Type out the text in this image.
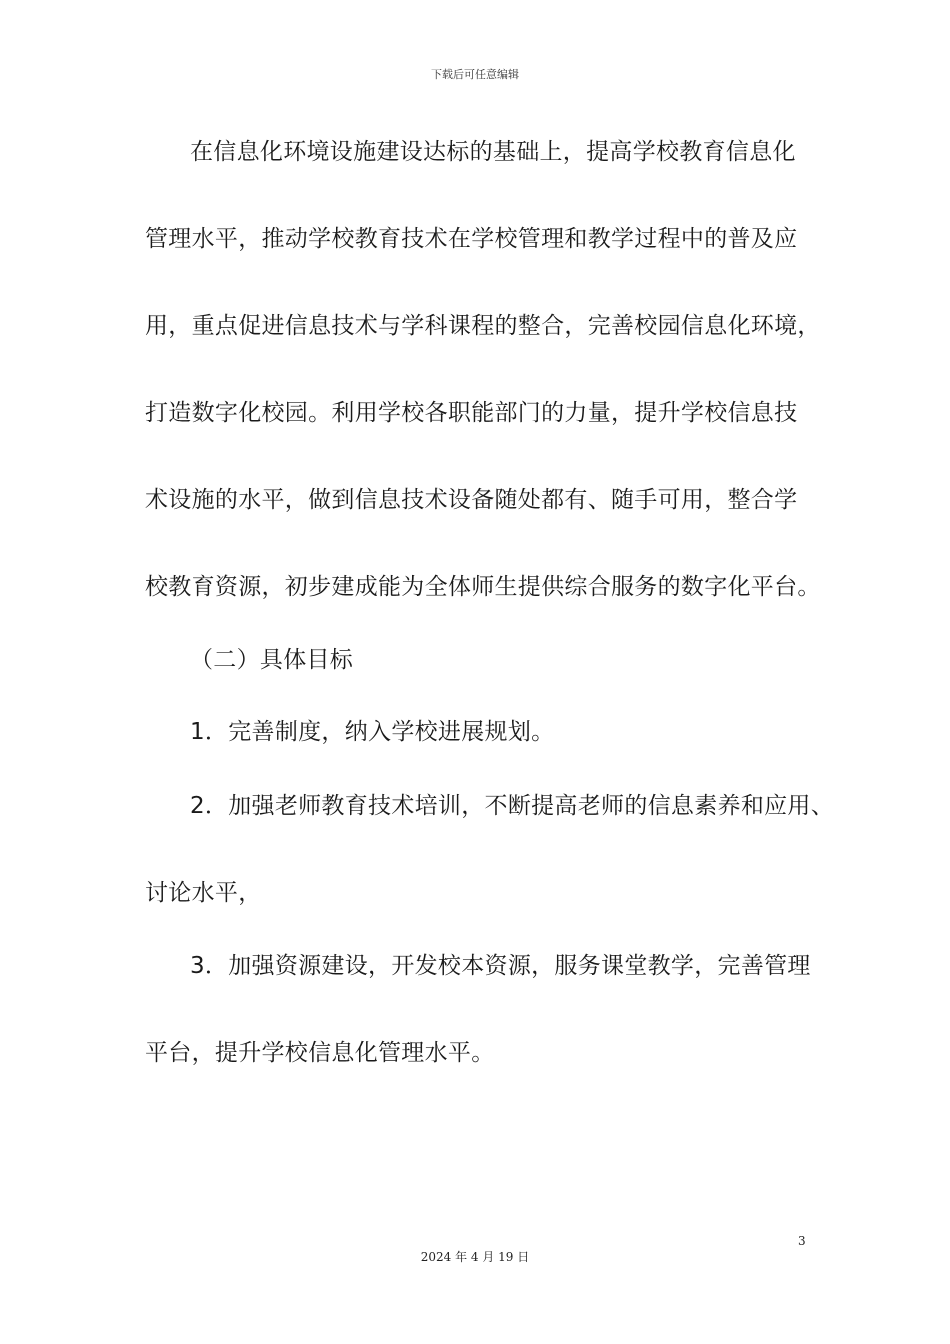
下载后可任意编辑
在信息化环境设施建设达标的基础上，提高学校教育信息化
管理水平，推动学校教育技术在学校管理和教学过程中的普及应
用，重点促进信息技术与学科课程的整合，完善校园信息化环境，
打造数字化校园。利用学校各职能部门的力量，提升学校信息技
术设施的水平，做到信息技术设备随处都有、随手可用，整合学
校教育资源，初步建成能为全体师生提供综合服务的数字化平台。
（二）具体目标
1．完善制度，纳入学校进展规划。
2．加强老师教育技术培训，不断提高老师的信息素养和应用、
讨论水平，
3．加强资源建设，开发校本资源，服务课堂教学，完善管理
平台，提升学校信息化管理水平。
3
2024 年 4 月 19 日
